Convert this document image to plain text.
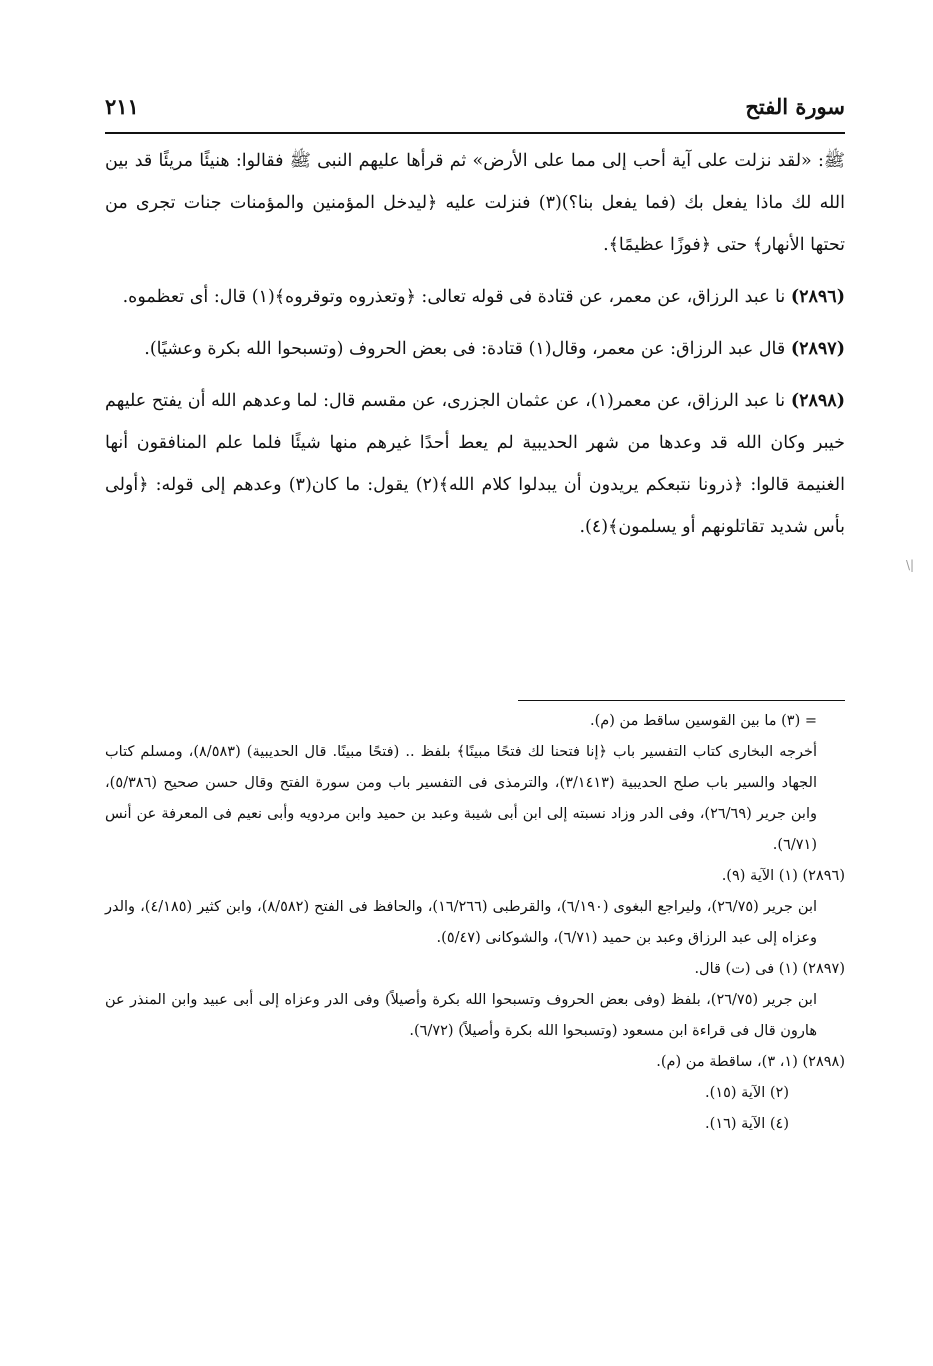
سورة الفتح
٢١١

ﷺ: «لقد نزلت على آية أحب إلى مما على الأرض» ثم قرأها عليهم النبى ﷺ فقالوا: هنيئًا مريئًا قد بين الله لك ماذا يفعل بك (فما يفعل بنا؟)(٣) فنزلت عليه ﴿ليدخل المؤمنين والمؤمنات جنات تجرى من تحتها الأنهار﴾ حتى ﴿فوزًا عظيمًا﴾.

(٢٨٩٦) نا عبد الرزاق، عن معمر، عن قتادة فى قوله تعالى: ﴿وتعذروه وتوقروه﴾(١) قال: أى تعظموه.

(٢٨٩٧) قال عبد الرزاق: عن معمر، وقال(١) قتادة: فى بعض الحروف (وتسبحوا الله بكرة وعشيًا).

(٢٨٩٨) نا عبد الرزاق، عن معمر(١)، عن عثمان الجزرى، عن مقسم قال: لما وعدهم الله أن يفتح عليهم خيبر وكان الله قد وعدها من شهر الحديبية لم يعط أحدًا غيرهم منها شيئًا فلما علم المنافقون أنها الغنيمة قالوا: ﴿ذرونا نتبعكم يريدون أن يبدلوا كلام الله﴾(٢) يقول: ما كان(٣) وعدهم إلى قوله: ﴿أولى بأس شديد تقاتلونهم أو يسلمون﴾(٤).

= (٣) ما بين القوسين ساقط من (م).

أخرجه البخارى كتاب التفسير باب ﴿إنا فتحنا لك فتحًا مبينًا﴾ بلفظ .. (فتحًا مبينًا. قال الحديبية) (٨/٥٨٣)، ومسلم كتاب الجهاد والسير باب صلح الحديبية (٣/١٤١٣)، والترمذى فى التفسير باب ومن سورة الفتح وقال حسن صحيح (٥/٣٨٦)، وابن جرير (٢٦/٦٩)، وفى الدر وزاد نسبته إلى ابن أبى شيبة وعبد بن حميد وابن مردويه وأبى نعيم فى المعرفة عن أنس (٦/٧١).

(٢٨٩٦) (١) الآية (٩).

ابن جرير (٢٦/٧٥)، وليراجع البغوى (٦/١٩٠)، والقرطبى (١٦/٢٦٦)، والحافظ فى الفتح (٨/٥٨٢)، وابن كثير (٤/١٨٥)، والدر وعزاه إلى عبد الرزاق وعبد بن حميد (٦/٧١)، والشوكانى (٥/٤٧).

(٢٨٩٧) (١) فى (ت) قال.

ابن جرير (٢٦/٧٥)، بلفظ (وفى بعض الحروف وتسبحوا الله بكرة وأصيلاً) وفى الدر وعزاه إلى أبى عبيد وابن المنذر عن هارون قال فى قراءة ابن مسعود (وتسبحوا الله بكرة وأصيلاً) (٦/٧٢).

(٢٨٩٨) (١، ٣)، ساقطة من (م).

(٢) الآية (١٥).

(٤) الآية (١٦).

\|
